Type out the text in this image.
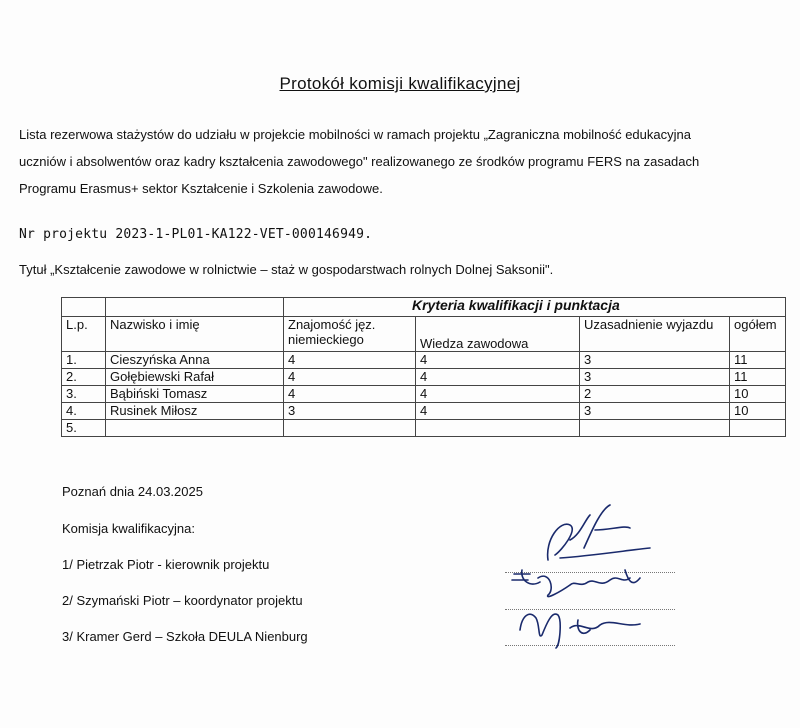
Protokół komisji kwalifikacyjnej
Lista rezerwowa stażystów do udziału w projekcie mobilności w ramach projektu „Zagraniczna mobilność edukacyjna uczniów i absolwentów oraz kadry kształcenia zawodowego" realizowanego ze środków programu FERS na zasadach Programu Erasmus+ sektor Kształcenie i Szkolenia zawodowe.
Nr projektu 2023-1-PL01-KA122-VET-000146949.
Tytuł „Kształcenie zawodowe w rolnictwie – staż w gospodarstwach rolnych Dolnej Saksonii".
		Kryteria kwalifikacji i punktacja			
L.p.	Nazwisko i imię	Znajomość jęz. niemieckiego	Wiedza zawodowa	Uzasadnienie wyjazdu	ogółem
1.	Cieszyńska Anna	4	4	3	11
2.	Gołębiewski Rafał	4	4	3	11
3.	Bąbiński Tomasz	4	4	2	10
4.	Rusinek Miłosz	3	4	3	10
5.					
Poznań dnia 24.03.2025
Komisja kwalifikacyjna:
1/ Pietrzak Piotr - kierownik projektu
2/ Szymański Piotr – koordynator projektu
3/ Kramer Gerd – Szkoła DEULA Nienburg
